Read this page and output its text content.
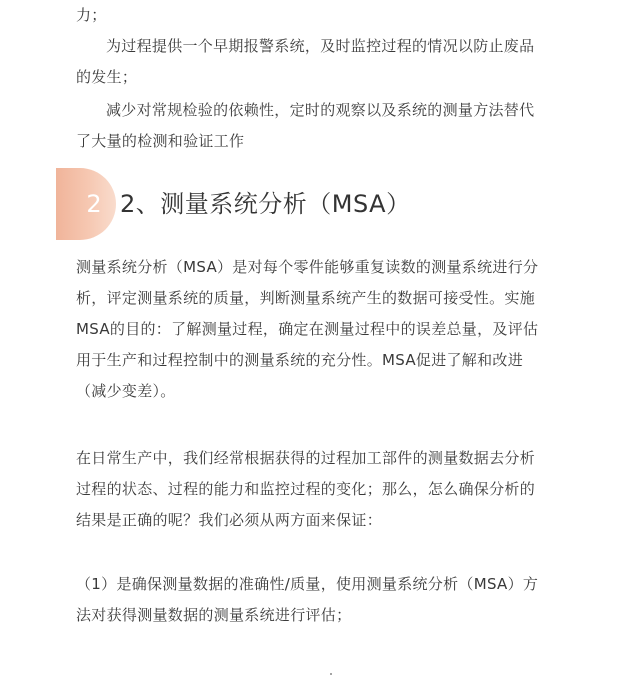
力；

为过程提供一个早期报警系统，及时监控过程的情况以防止废品的发生；

减少对常规检验的依赖性，定时的观察以及系统的测量方法替代了大量的检测和验证工作

2 2、测量系统分析（MSA）

测量系统分析（MSA）是对每个零件能够重复读数的测量系统进行分析，评定测量系统的质量，判断测量系统产生的数据可接受性。实施MSA的目的：了解测量过程，确定在测量过程中的误差总量，及评估用于生产和过程控制中的测量系统的充分性。MSA促进了解和改进（减少变差）。

在日常生产中，我们经常根据获得的过程加工部件的测量数据去分析过程的状态、过程的能力和监控过程的变化；那么，怎么确保分析的结果是正确的呢？我们必须从两方面来保证：

（1）是确保测量数据的准确性/质量，使用测量系统分析（MSA）方法对获得测量数据的测量系统进行评估；
